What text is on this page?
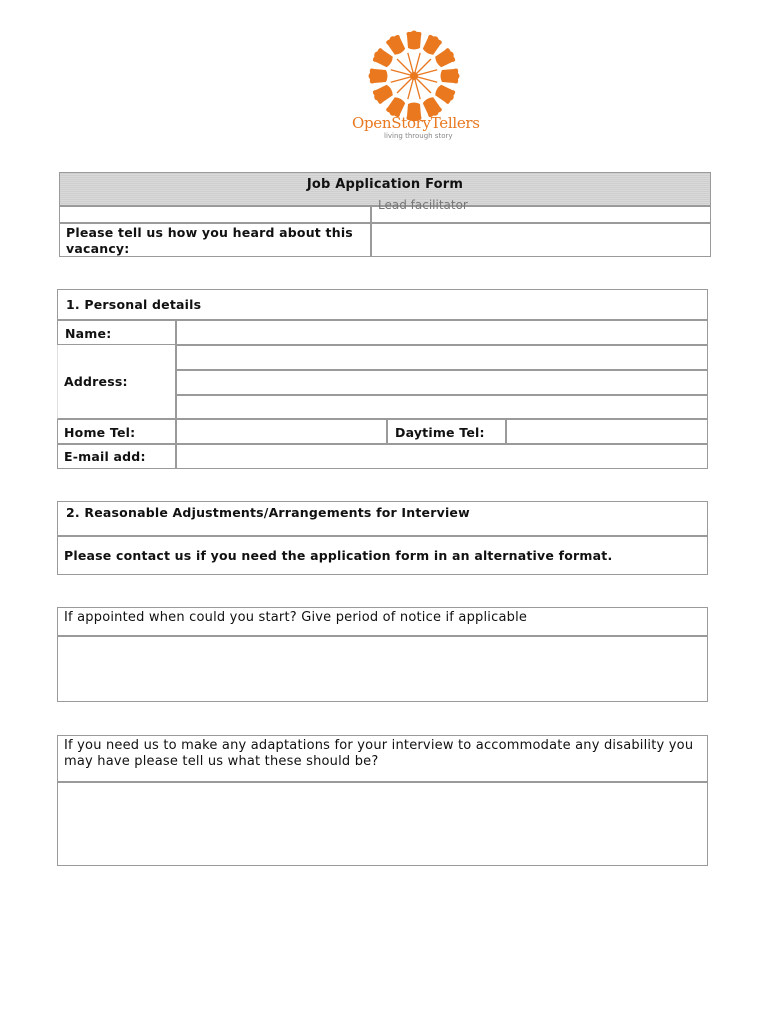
OpenStoryTellers
living through story
Job Application Form
Lead facilitator
Please tell us how you heard about this vacancy:
1. Personal details
Name:
Address:
Home Tel:	Daytime Tel:
E-mail add:
2. Reasonable Adjustments/Arrangements for Interview
Please contact us if you need the application form in an alternative format.
If appointed when could you start? Give period of notice if applicable
If you need us to make any adaptations for your interview to accommodate any disability you may have please tell us what these should be?
